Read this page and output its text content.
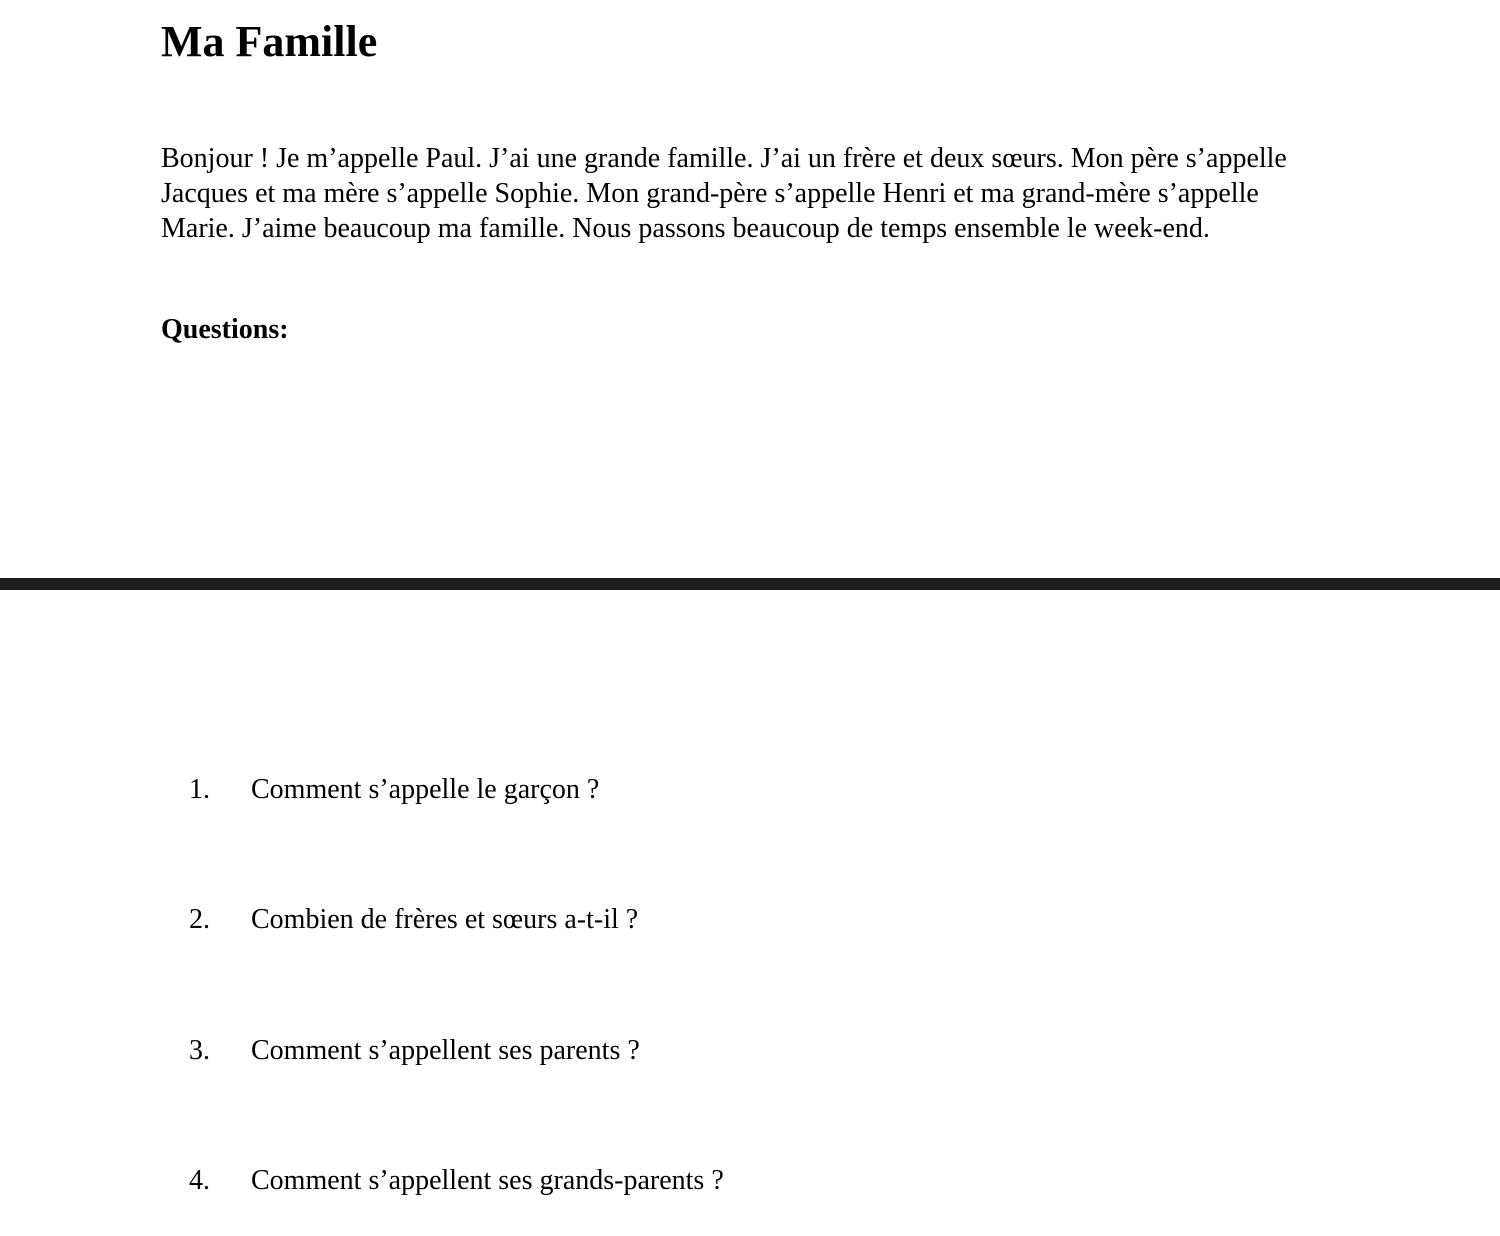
Ma Famille

Bonjour ! Je m’appelle Paul. J’ai une grande famille. J’ai un frère et deux sœurs. Mon père s’appelle Jacques et ma mère s’appelle Sophie. Mon grand-père s’appelle Henri et ma grand-mère s’appelle Marie. J’aime beaucoup ma famille. Nous passons beaucoup de temps ensemble le week-end.

Questions:
1. Comment s’appelle le garçon ?
2. Combien de frères et sœurs a-t-il ?
3. Comment s’appellent ses parents ?
4. Comment s’appellent ses grands-parents ?
